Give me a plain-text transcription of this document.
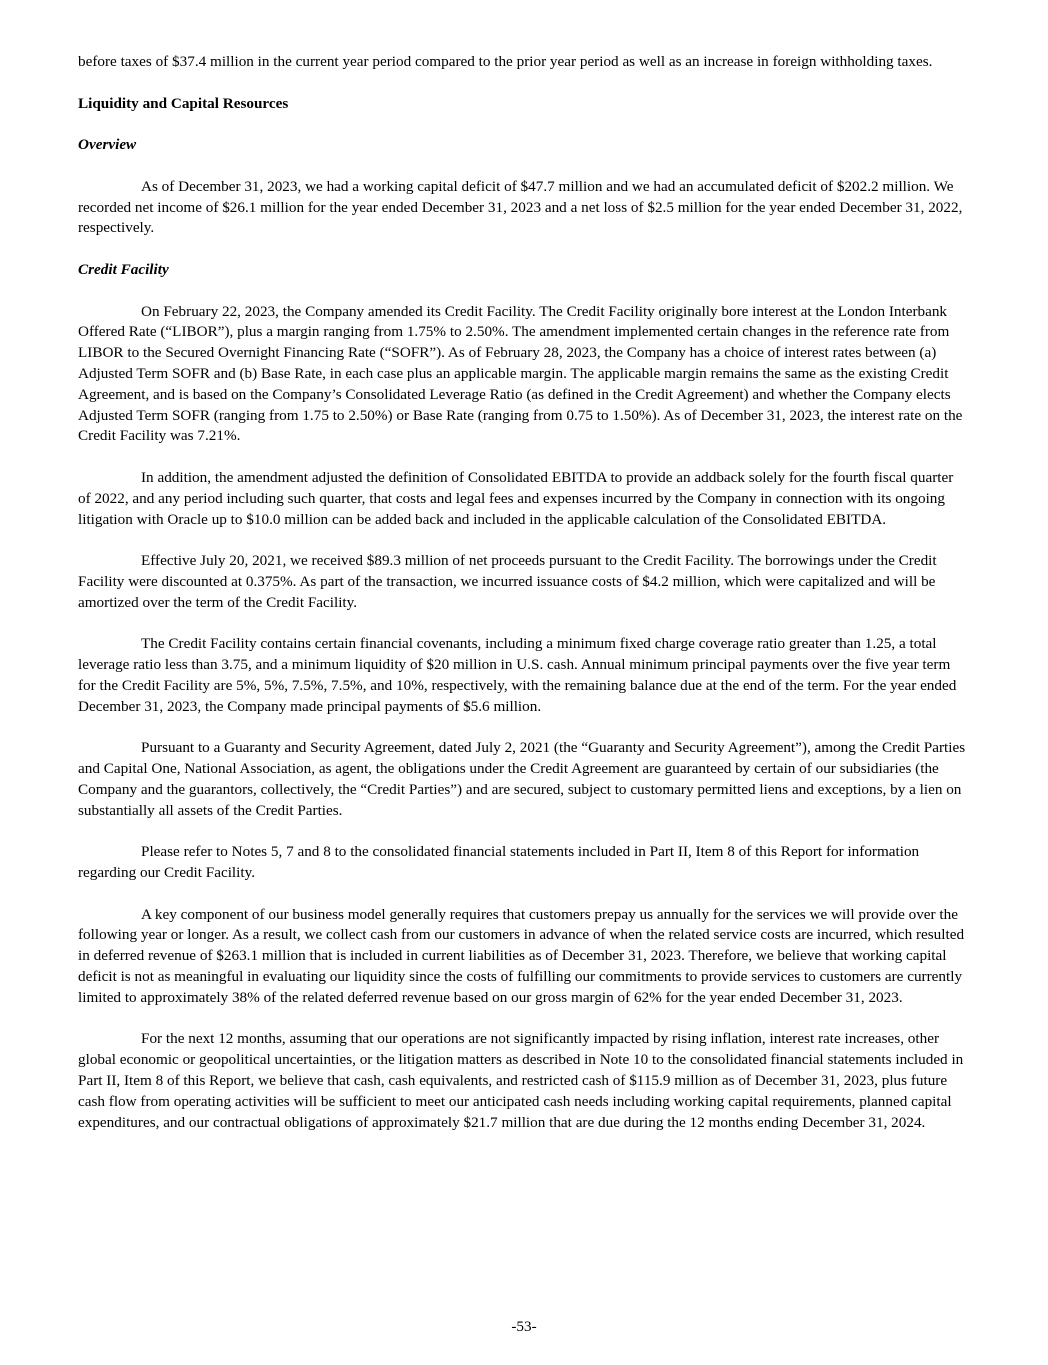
before taxes of $37.4 million in the current year period compared to the prior year period as well as an increase in foreign withholding taxes.

Liquidity and Capital Resources

Overview

As of December 31, 2023, we had a working capital deficit of $47.7 million and we had an accumulated deficit of $202.2 million. We recorded net income of $26.1 million for the year ended December 31, 2023 and a net loss of $2.5 million for the year ended December 31, 2022, respectively.

Credit Facility

On February 22, 2023, the Company amended its Credit Facility. The Credit Facility originally bore interest at the London Interbank Offered Rate (“LIBOR”), plus a margin ranging from 1.75% to 2.50%. The amendment implemented certain changes in the reference rate from LIBOR to the Secured Overnight Financing Rate (“SOFR”). As of February 28, 2023, the Company has a choice of interest rates between (a) Adjusted Term SOFR and (b) Base Rate, in each case plus an applicable margin. The applicable margin remains the same as the existing Credit Agreement, and is based on the Company’s Consolidated Leverage Ratio (as defined in the Credit Agreement) and whether the Company elects Adjusted Term SOFR (ranging from 1.75 to 2.50%) or Base Rate (ranging from 0.75 to 1.50%). As of December 31, 2023, the interest rate on the Credit Facility was 7.21%.

In addition, the amendment adjusted the definition of Consolidated EBITDA to provide an addback solely for the fourth fiscal quarter of 2022, and any period including such quarter, that costs and legal fees and expenses incurred by the Company in connection with its ongoing litigation with Oracle up to $10.0 million can be added back and included in the applicable calculation of the Consolidated EBITDA.

Effective July 20, 2021, we received $89.3 million of net proceeds pursuant to the Credit Facility. The borrowings under the Credit Facility were discounted at 0.375%. As part of the transaction, we incurred issuance costs of $4.2 million, which were capitalized and will be amortized over the term of the Credit Facility.

The Credit Facility contains certain financial covenants, including a minimum fixed charge coverage ratio greater than 1.25, a total leverage ratio less than 3.75, and a minimum liquidity of $20 million in U.S. cash. Annual minimum principal payments over the five year term for the Credit Facility are 5%, 5%, 7.5%, 7.5%, and 10%, respectively, with the remaining balance due at the end of the term. For the year ended December 31, 2023, the Company made principal payments of $5.6 million.

Pursuant to a Guaranty and Security Agreement, dated July 2, 2021 (the “Guaranty and Security Agreement”), among the Credit Parties and Capital One, National Association, as agent, the obligations under the Credit Agreement are guaranteed by certain of our subsidiaries (the Company and the guarantors, collectively, the “Credit Parties”) and are secured, subject to customary permitted liens and exceptions, by a lien on substantially all assets of the Credit Parties.

Please refer to Notes 5, 7 and 8 to the consolidated financial statements included in Part II, Item 8 of this Report for information regarding our Credit Facility.

A key component of our business model generally requires that customers prepay us annually for the services we will provide over the following year or longer. As a result, we collect cash from our customers in advance of when the related service costs are incurred, which resulted in deferred revenue of $263.1 million that is included in current liabilities as of December 31, 2023. Therefore, we believe that working capital deficit is not as meaningful in evaluating our liquidity since the costs of fulfilling our commitments to provide services to customers are currently limited to approximately 38% of the related deferred revenue based on our gross margin of 62% for the year ended December 31, 2023.

For the next 12 months, assuming that our operations are not significantly impacted by rising inflation, interest rate increases, other global economic or geopolitical uncertainties, or the litigation matters as described in Note 10 to the consolidated financial statements included in Part II, Item 8 of this Report, we believe that cash, cash equivalents, and restricted cash of $115.9 million as of December 31, 2023, plus future cash flow from operating activities will be sufficient to meet our anticipated cash needs including working capital requirements, planned capital expenditures, and our contractual obligations of approximately $21.7 million that are due during the 12 months ending December 31, 2024.

-53-
